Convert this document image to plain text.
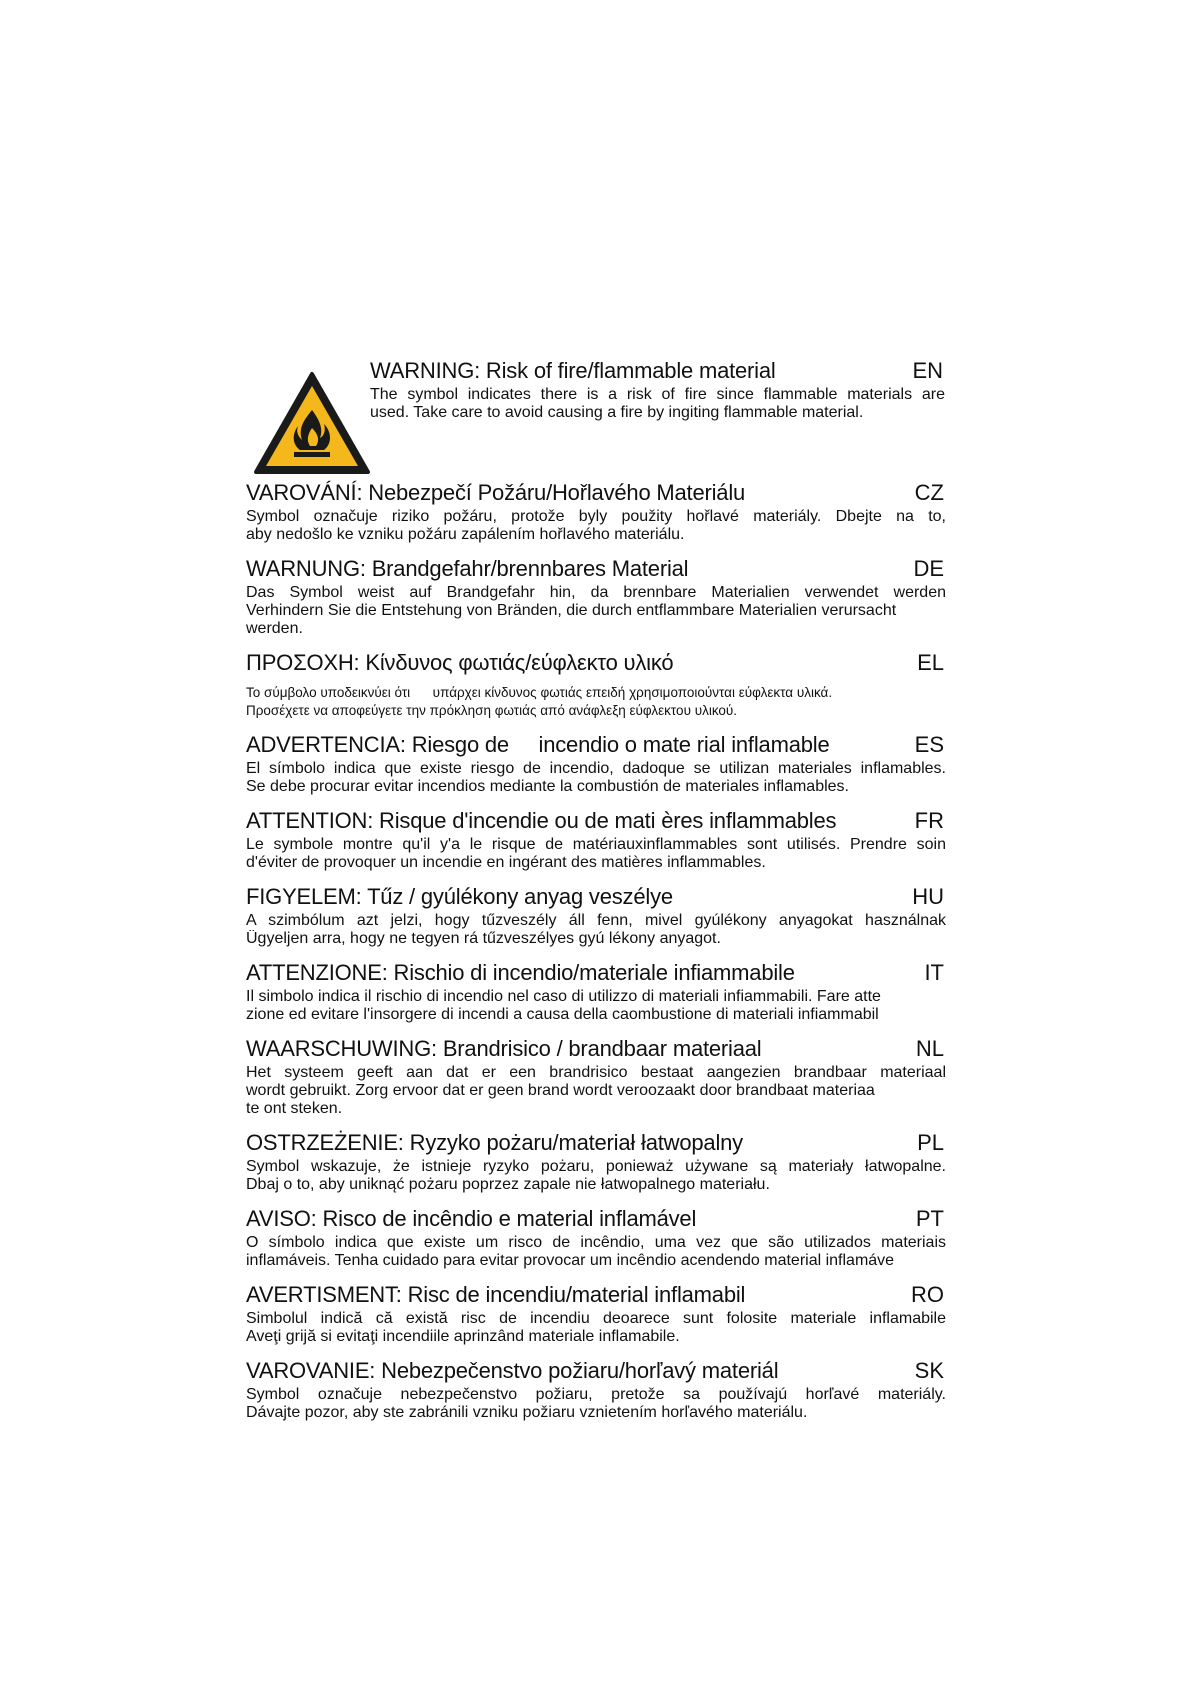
WARNING: Risk of fire/flammable material	EN
The symbol indicates there is a risk of fire since flammable materials are
used. Take care to avoid causing a fire by ingiting flammable material.
VAROVÁNÍ: Nebezpečí Požáru/Hořlavého Materiálu	CZ
Symbol označuje riziko požáru, protože byly použity hořlavé materiály. Dbejte na to,
aby nedošlo ke vzniku požáru zapálením hořlavého materiálu.
WARNUNG: Brandgefahr/brennbares Material	DE
Das Symbol weist auf Brandgefahr hin, da brennbare Materialien verwendet werden
Verhindern Sie die Entstehung von Bränden, die durch entflammbare Materialien verursacht
werden.
ΠΡΟΣΟΧΗ: Κίνδυνος φωτιάς/εύφλεκτο υλικό	EL
Το σύμβολο υποδεικνύει ότι      υπάρχει κίνδυνος φωτιάς επειδή χρησιμοποιούνται εύφλεκτα υλικά.
Προσέχετε να αποφεύγετε την πρόκληση φωτιάς από ανάφλεξη εύφλεκτου υλικού.
ADVERTENCIA: Riesgo de     incendio o mate rial inflamable	ES
El símbolo indica que existe riesgo de incendio, dadoque se utilizan materiales inflamables.
Se debe procurar evitar incendios mediante la combustión de materiales inflamables.
ATTENTION: Risque d'incendie ou de mati ères inflammables	FR
Le symbole montre qu'il y'a le risque de matériauxinflammables sont utilisés. Prendre soin
d'éviter de provoquer un incendie en ingérant des matières inflammables.
FIGYELEM: Tűz / gyúlékony anyag veszélye	HU
A szimbólum azt jelzi, hogy tűzveszély áll fenn, mivel gyúlékony anyagokat használnak
Ügyeljen arra, hogy ne tegyen rá tűzveszélyes gyú lékony anyagot.
ATTENZIONE: Rischio di incendio/materiale infiammabile	IT
Il simbolo indica il rischio di incendio nel caso di utilizzo di materiali infiammabili. Fare atte
zione ed evitare l'insorgere di incendi a causa della caombustione di materiali infiammabil
WAARSCHUWING: Brandrisico / brandbaar materiaal	NL
Het systeem geeft aan dat er een brandrisico bestaat aangezien brandbaar materiaal
wordt gebruikt. Zorg ervoor dat er geen brand wordt veroozaakt door brandbaat materiaa
te ont steken.
OSTRZEŻENIE: Ryzyko pożaru/materiał łatwopalny	PL
Symbol wskazuje, że istnieje ryzyko pożaru, ponieważ używane są materiały łatwopalne.
Dbaj o to, aby uniknąć pożaru poprzez zapale nie łatwopalnego materiału.
AVISO: Risco de incêndio e material inflamável	PT
O símbolo indica que existe um risco de incêndio, uma vez que são utilizados materiais
inflamáveis. Tenha cuidado para evitar provocar um incêndio acendendo material inflamáve
AVERTISMENT: Risc de incendiu/material inflamabil	RO
Simbolul indică că există risc de incendiu deoarece sunt folosite materiale inflamabile
Aveţi grijă si evitaţi incendiile aprinzând materiale inflamabile.
VAROVANIE: Nebezpečenstvo požiaru/horľavý materiál	SK
Symbol označuje nebezpečenstvo požiaru, pretože sa používajú horľavé materiály.
Dávajte pozor, aby ste zabránili vzniku požiaru vznietením horľavého materiálu.
